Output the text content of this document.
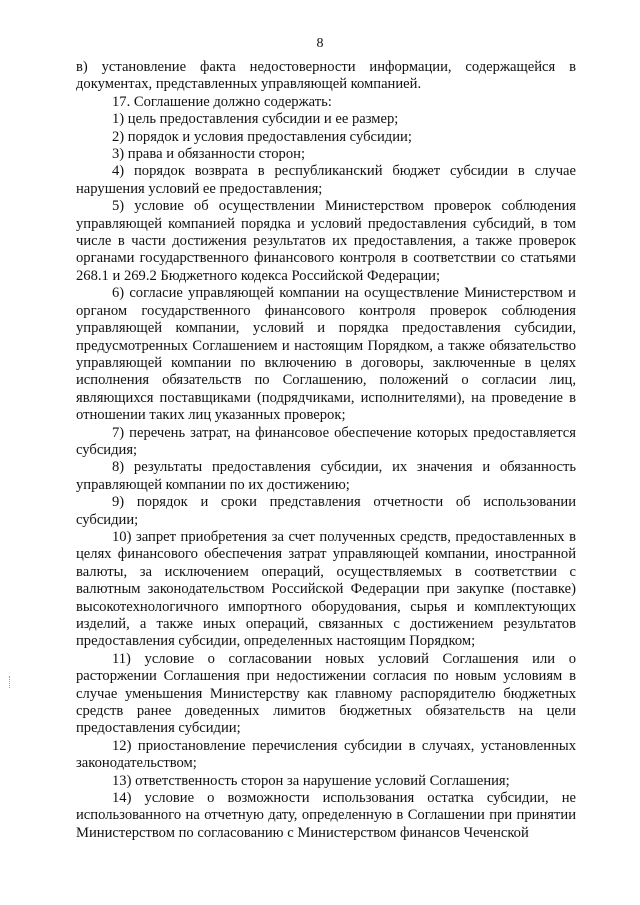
8

в) установление факта недостоверности информации, содержащейся в документах, представленных управляющей компанией.

17. Соглашение должно содержать:

1) цель предоставления субсидии и ее размер;

2) порядок и условия предоставления субсидии;

3) права и обязанности сторон;

4) порядок возврата в республиканский бюджет субсидии в случае нарушения условий ее предоставления;

5) условие об осуществлении Министерством проверок соблюдения управляющей компанией порядка и условий предоставления субсидий, в том числе в части достижения результатов их предоставления, а также проверок органами государственного финансового контроля в соответствии со статьями 268.1 и 269.2 Бюджетного кодекса Российской Федерации;

6) согласие управляющей компании на осуществление Министерством и органом государственного финансового контроля проверок соблюдения управляющей компании, условий и порядка предоставления субсидии, предусмотренных Соглашением и настоящим Порядком, а также обязательство управляющей компании по включению в договоры, заключенные в целях исполнения обязательств по Соглашению, положений о согласии лиц, являющихся поставщиками (подрядчиками, исполнителями), на проведение в отношении таких лиц указанных проверок;

7) перечень затрат, на финансовое обеспечение которых предоставляется субсидия;

8) результаты предоставления субсидии, их значения и обязанность управляющей компании по их достижению;

9) порядок и сроки представления отчетности об использовании субсидии;

10) запрет приобретения за счет полученных средств, предоставленных в целях финансового обеспечения затрат управляющей компании, иностранной валюты, за исключением операций, осуществляемых в соответствии с валютным законодательством Российской Федерации при закупке (поставке) высокотехнологичного импортного оборудования, сырья и комплектующих изделий, а также иных операций, связанных с достижением результатов предоставления субсидии, определенных настоящим Порядком;

11) условие о согласовании новых условий Соглашения или о расторжении Соглашения при недостижении согласия по новым условиям в случае уменьшения Министерству как главному распорядителю бюджетных средств ранее доведенных лимитов бюджетных обязательств на цели предоставления субсидии;

12) приостановление перечисления субсидии в случаях, установленных законодательством;

13) ответственность сторон за нарушение условий Соглашения;

14) условие о возможности использования остатка субсидии, не использованного на отчетную дату, определенную в Соглашении при принятии Министерством по согласованию с Министерством финансов Чеченской
